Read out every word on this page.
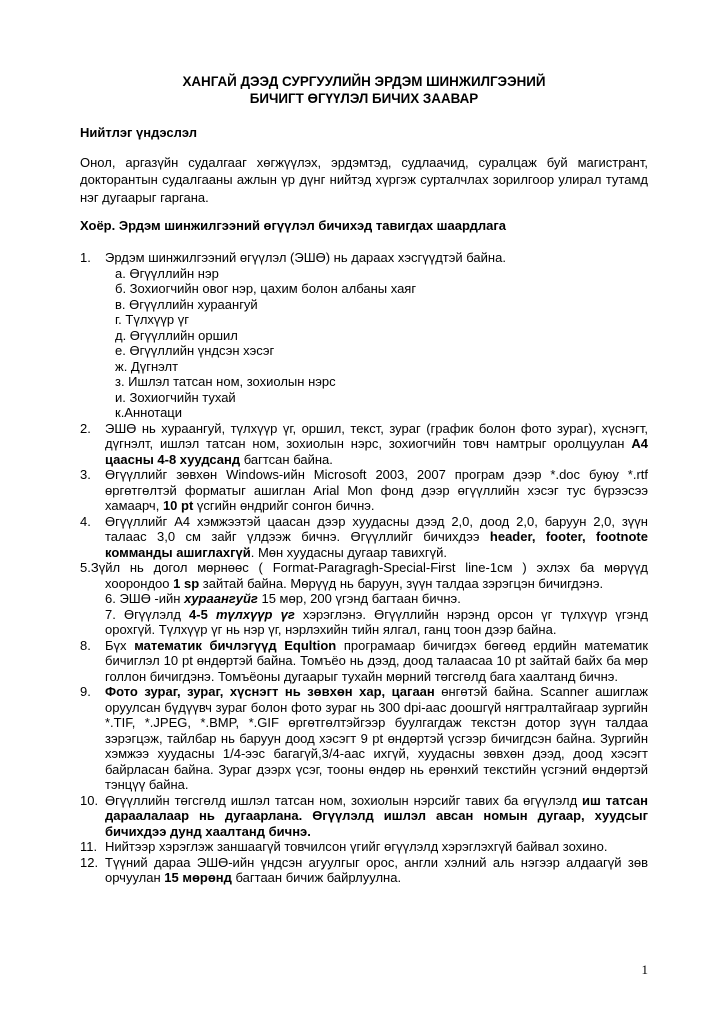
ХАНГАЙ ДЭЭД СУРГУУЛИЙН ЭРДЭМ ШИНЖИЛГЭЭНИЙ
БИЧИГТ ӨГҮҮЛЭЛ БИЧИХ ЗААВАР
Нийтлэг үндэслэл
Онол, аргазүйн судалгааг хөгжүүлэх, эрдэмтэд, судлаачид, суралцаж буй магистрант, докторантын судалгааны ажлын үр дүнг нийтэд хүргэж сурталчлах зорилгоор улирал тутамд нэг дугаарыг гаргана.
Хоёр. Эрдэм шинжилгээний өгүүлэл бичихэд тавигдах шаардлага
1. Эрдэм шинжилгээний өгүүлэл (ЭШӨ) нь дараах хэсгүүдтэй байна.
а. Өгүүллийн нэр
б. Зохиогчийн овог нэр, цахим болон албаны хаяг
в. Өгүүллийн хураангуй
г. Түлхүүр үг
д. Өгүүллийн оршил
е. Өгүүллийн үндсэн хэсэг
ж. Дүгнэлт
з. Ишлэл татсан ном, зохиолын нэрс
и. Зохиогчийн тухай
к.Аннотаци
2. ЭШӨ нь хураангуй, түлхүүр үг, оршил, текст, зураг (график болон фото зураг), хүснэгт, дүгнэлт, ишлэл татсан ном, зохиолын нэрс, зохиогчийн товч намтрыг оролцуулан А4 цаасны 4-8 хуудсанд багтсан байна.
3. Өгүүллийг зөвхөн Windows-ийн Microsoft 2003, 2007 програм дээр *.doc буюу *.rtf өргөтгөлтэй форматыг ашиглан Arial Mon фонд дээр өгүүллийн хэсэг тус бүрээсээ хамаарч, 10 pt үсгийн өндрийг сонгон бичнэ.
4. Өгүүллийг А4 хэмжээтэй цаасан дээр хуудасны дээд 2,0, доод 2,0, баруун 2,0, зүүн талаас 3,0 см зайг үлдээж бичнэ. Өгүүллийг бичихдээ header, footer, footnote комманды ашиглахгүй. Мөн хуудасны дугаар тавихгүй.
5.Зүйл нь догол мөрнөөс ( Format-Paragragh-Special-First line-1см ) эхлэх ба мөрүүд хоорондоо 1 sp зайтай байна. Мөрүүд нь баруун, зүүн талдаа зэрэгцэн бичигдэнэ.
6. ЭШӨ -ийн хураангуйг 15 мөр, 200 үгэнд багтаан бичнэ.
7. Өгүүлэлд 4-5 түлхүүр үг хэрэглэнэ. Өгүүллийн нэрэнд орсон үг түлхүүр үгэнд орохгүй. Түлхүүр үг нь нэр үг, нэрлэхийн тийн ялгал, ганц тоон дээр байна.
8. Бүх математик бичлэгүүд Equltion програмаар бичигдэх бөгөөд ердийн математик бичиглэл 10 pt өндөртэй байна. Томъёо нь дээд, доод талаасаа 10 pt зайтай байх ба мөр голлон бичигдэнэ. Томъёоны дугаарыг тухайн мөрний төгсгөлд бага хаалтанд бичнэ.
9. Фото зураг, зураг, хүснэгт нь зөвхөн хар, цагаан өнгөтэй байна. Scanner ашиглаж оруулсан бүдүүвч зураг болон фото зураг нь 300 dpi-аас доошгүй нягтралтайгаар зургийн *.TIF, *.JPEG, *.BMP, *.GIF өргөтгөлтэйгээр буулгагдаж текстэн дотор зүүн талдаа зэрэгцэж, тайлбар нь баруун доод хэсэгт 9 pt өндөртэй үсгээр бичигдсэн байна. Зургийн хэмжээ хуудасны 1/4-ээс багагүй,3/4-аас ихгүй, хуудасны зөвхөн дээд, доод хэсэгт байрласан байна. Зураг дээрх үсэг, тооны өндөр нь ерөнхий текстийн үсгэний өндөртэй тэнцүү байна.
10. Өгүүллийн төгсгөлд ишлэл татсан ном, зохиолын нэрсийг тавих ба өгүүлэлд иш татсан дараалалаар нь дугаарлана. Өгүүлэлд ишлэл авсан номын дугаар, хуудсыг бичихдээ дунд хаалтанд бичнэ.
11. Нийтээр хэрэглэж заншаагүй товчилсон үгийг өгүүлэлд хэрэглэхгүй байвал зохино.
12. Түүний дараа ЭШӨ-ийн үндсэн агуулгыг орос, англи хэлний аль нэгээр алдаагүй зөв орчуулан 15 мөрөнд багтаан бичиж байрлуулна.
1
